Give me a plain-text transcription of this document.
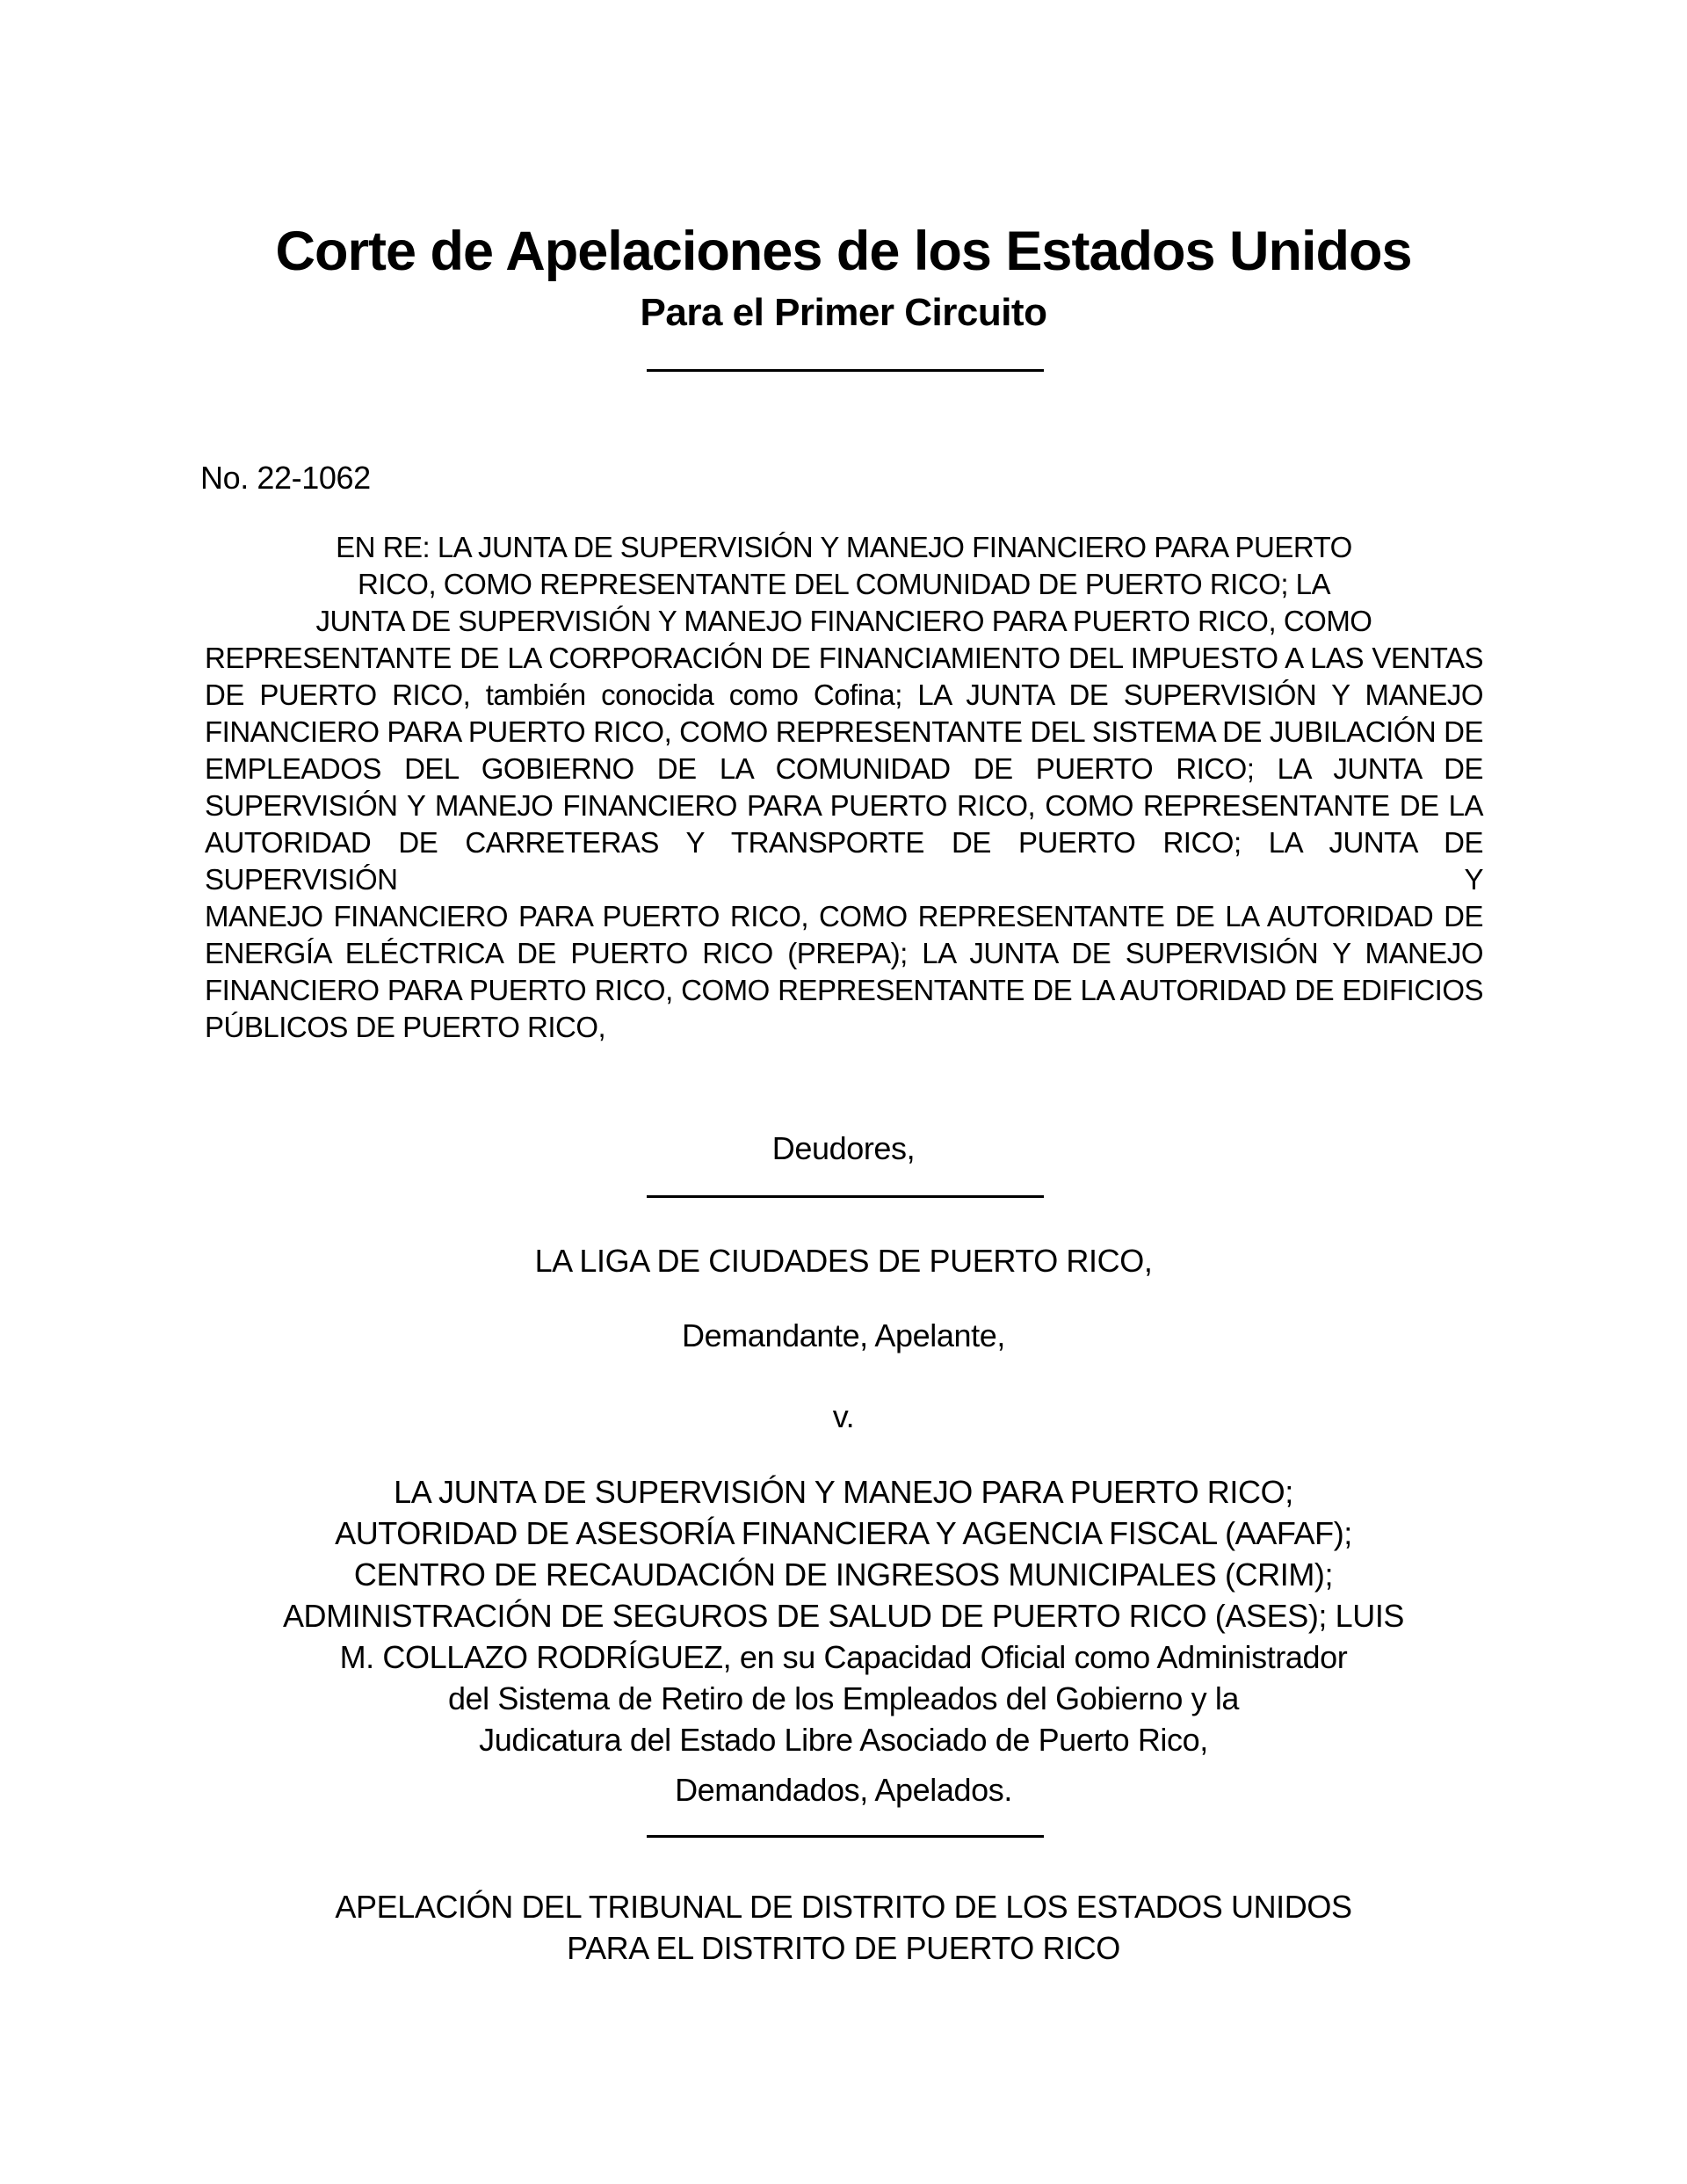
Corte de Apelaciones de los Estados Unidos
Para el Primer Circuito
No. 22-1062
EN RE: LA JUNTA DE SUPERVISIÓN Y MANEJO FINANCIERO PARA PUERTO
RICO, COMO REPRESENTANTE DEL COMUNIDAD DE PUERTO RICO; LA
JUNTA DE SUPERVISIÓN Y MANEJO FINANCIERO PARA PUERTO RICO, COMO
REPRESENTANTE DE LA CORPORACIÓN DE FINANCIAMIENTO DEL IMPUESTO A LAS VENTAS
DE PUERTO RICO, también conocida como Cofina; LA JUNTA DE SUPERVISIÓN Y MANEJO
FINANCIERO PARA PUERTO RICO, COMO REPRESENTANTE DEL SISTEMA DE JUBILACIÓN DE
EMPLEADOS DEL GOBIERNO DE LA COMUNIDAD DE PUERTO RICO; LA JUNTA DE
SUPERVISIÓN Y MANEJO FINANCIERO PARA PUERTO RICO, COMO REPRESENTANTE DE LA
AUTORIDAD DE CARRETERAS Y TRANSPORTE DE PUERTO RICO; LA JUNTA DE SUPERVISIÓN Y
MANEJO FINANCIERO PARA PUERTO RICO, COMO REPRESENTANTE DE LA AUTORIDAD DE
ENERGÍA ELÉCTRICA DE PUERTO RICO (PREPA); LA JUNTA DE SUPERVISIÓN Y MANEJO
FINANCIERO PARA PUERTO RICO, COMO REPRESENTANTE DE LA AUTORIDAD DE EDIFICIOS
PÚBLICOS DE PUERTO RICO,
Deudores,
LA LIGA DE CIUDADES DE PUERTO RICO,
Demandante, Apelante,
v.
LA JUNTA DE SUPERVISIÓN Y MANEJO PARA PUERTO RICO;
AUTORIDAD DE ASESORÍA FINANCIERA Y AGENCIA FISCAL (AAFAF);
CENTRO DE RECAUDACIÓN DE INGRESOS MUNICIPALES (CRIM);
ADMINISTRACIÓN DE SEGUROS DE SALUD DE PUERTO RICO (ASES); LUIS
M. COLLAZO RODRÍGUEZ, en su Capacidad Oficial como Administrador
del Sistema de Retiro de los Empleados del Gobierno y la
Judicatura del Estado Libre Asociado de Puerto Rico,
Demandados, Apelados.
APELACIÓN DEL TRIBUNAL DE DISTRITO DE LOS ESTADOS UNIDOS
PARA EL DISTRITO DE PUERTO RICO
